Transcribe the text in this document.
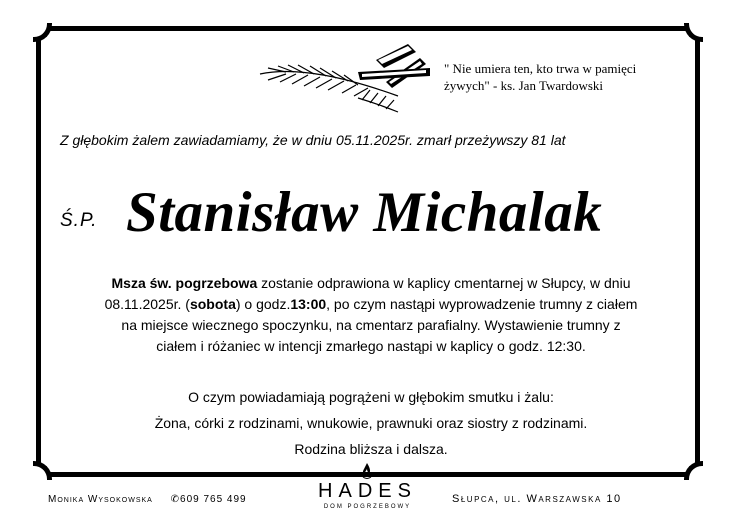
" Nie umiera ten, kto trwa w pamięci
żywych" - ks. Jan Twardowski
Z głębokim żalem zawiadamiamy, że w dniu 05.11.2025r. zmarł przeżywszy 81 lat
Ś.P. Stanisław Michalak
Msza św. pogrzebowa zostanie odprawiona w kaplicy cmentarnej w Słupcy, w dniu
08.11.2025r. (sobota) o godz.13:00, po czym nastąpi wyprowadzenie trumny z ciałem
na miejsce wiecznego spoczynku, na cmentarz parafialny. Wystawienie trumny z
ciałem i różaniec w intencji zmarłego nastąpi w kaplicy o godz. 12:30.
O czym powiadamiają pogrążeni w głębokim smutku i żalu:
Żona, córki z rodzinami, wnukowie, prawnuki oraz siostry z rodzinami.
Rodzina bliższa i dalsza.
Monika Wysokowska ✆609 765 499	HADES
DOM POGRZEBOWY
Słupca, ul. Warszawska 10
